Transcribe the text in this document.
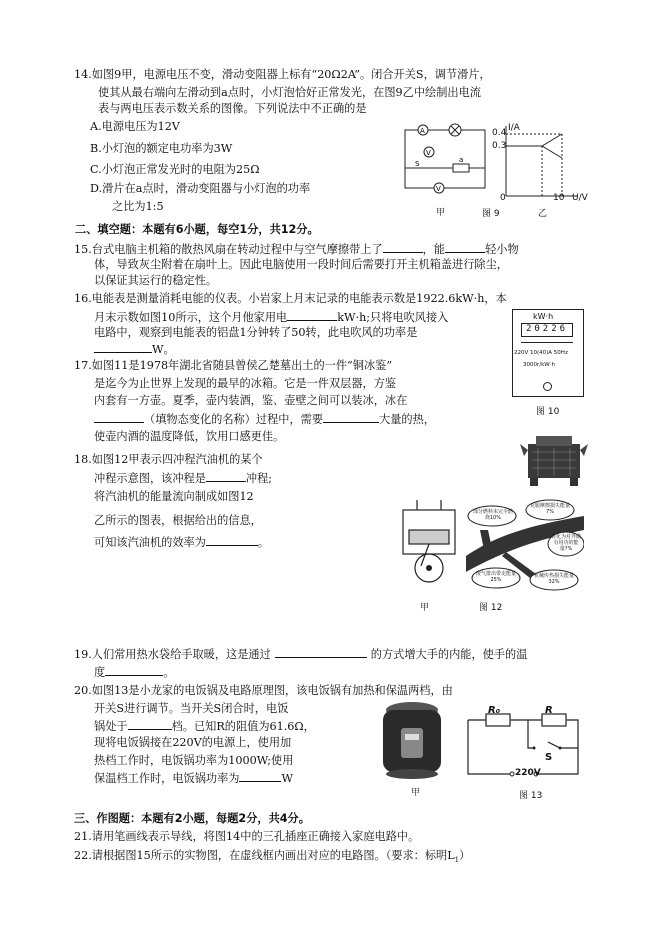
14.如图9甲，电源电压不变，滑动变阻器上标有“20Ω2A”。闭合开关S，调节滑片，
使其从最右端向左滑动到a点时，小灯泡恰好正常发光，在图9乙中绘制出电流
表与两电压表示数关系的图像。下列说法中不正确的是
A.电源电压为12V
B.小灯泡的额定电功率为3W
C.小灯泡正常发光时的电阻为25Ω
D.滑片在a点时，滑动变阻器与小灯泡的功率
之比为1:5
A
V
V
S	a
甲
I/A
0.4
0.3
0	10 U/V
图 9	乙
二、填空题：本题有6小题，每空1分，共12分。
15.台式电脑主机箱的散热风扇在转动过程中与空气摩擦带上了	，能	轻小物
体，导致灰尘附着在扇叶上。因此电脑使用一段时间后需要打开主机箱盖进行除尘，
以保证其运行的稳定性。
16.电能表是测量消耗电能的仪表。小岩家上月末记录的电能表示数是1922.6kW·h，本
月末示数如图10所示，这个月他家用电	kW·h;只将电吹风接入
电路中，观察到电能表的铝盘1分钟转了50转，此电吹风的功率是
W。
kW·h
20226
220V 10(40)A 50Hz
3000r/kW·h
图 10
17.如图11是1978年湖北省随县曾侯乙楚墓出土的一件“铜冰鉴”
是迄今为止世界上发现的最早的冰箱。它是一件双层器，方鉴
内套有一方壶。夏季，壶内装酒，鉴、壶壁之间可以装冰，冰在
（填物态变化的名称）过程中，需要	大量的热，
使壶内酒的温度降低，饮用口感更佳。
18.如图12甲表示四冲程汽油机的某个
冲程示意图，该冲程是	冲程;
将汽油机的能量流向制成如图12
乙所示的图表，根据给出的信息，
可知该汽油机的效率为	。
甲
部分燃料未完全燃烧10%
克服摩擦损失能量7%
转化为对外做有用功的能量?%
废气排出带走能量25%
机械传热损失能量32%
图 12
19.人们常用热水袋给手取暖，这是通过	的方式增大手的内能，使手的温
度	。
20.如图13是小龙家的电饭锅及电路原理图，该电饭锅有加热和保温两档，由
开关S进行调节。当开关S闭合时，电饭
锅处于	档。已知R的阻值为61.6Ω，
现将电饭锅接在220V的电源上，使用加
热档工作时，电饭锅功率为1000W;使用
保温档工作时，电饭锅功率为	W
甲
R₀	R
S
220V
图 13
三、作图题：本题有2小题，每题2分，共4分。
21.请用笔画线表示导线，将图14中的三孔插座正确接入家庭电路中。
22.请根据图15所示的实物图，在虚线框内画出对应的电路图。（要求：标明$L_1$）
